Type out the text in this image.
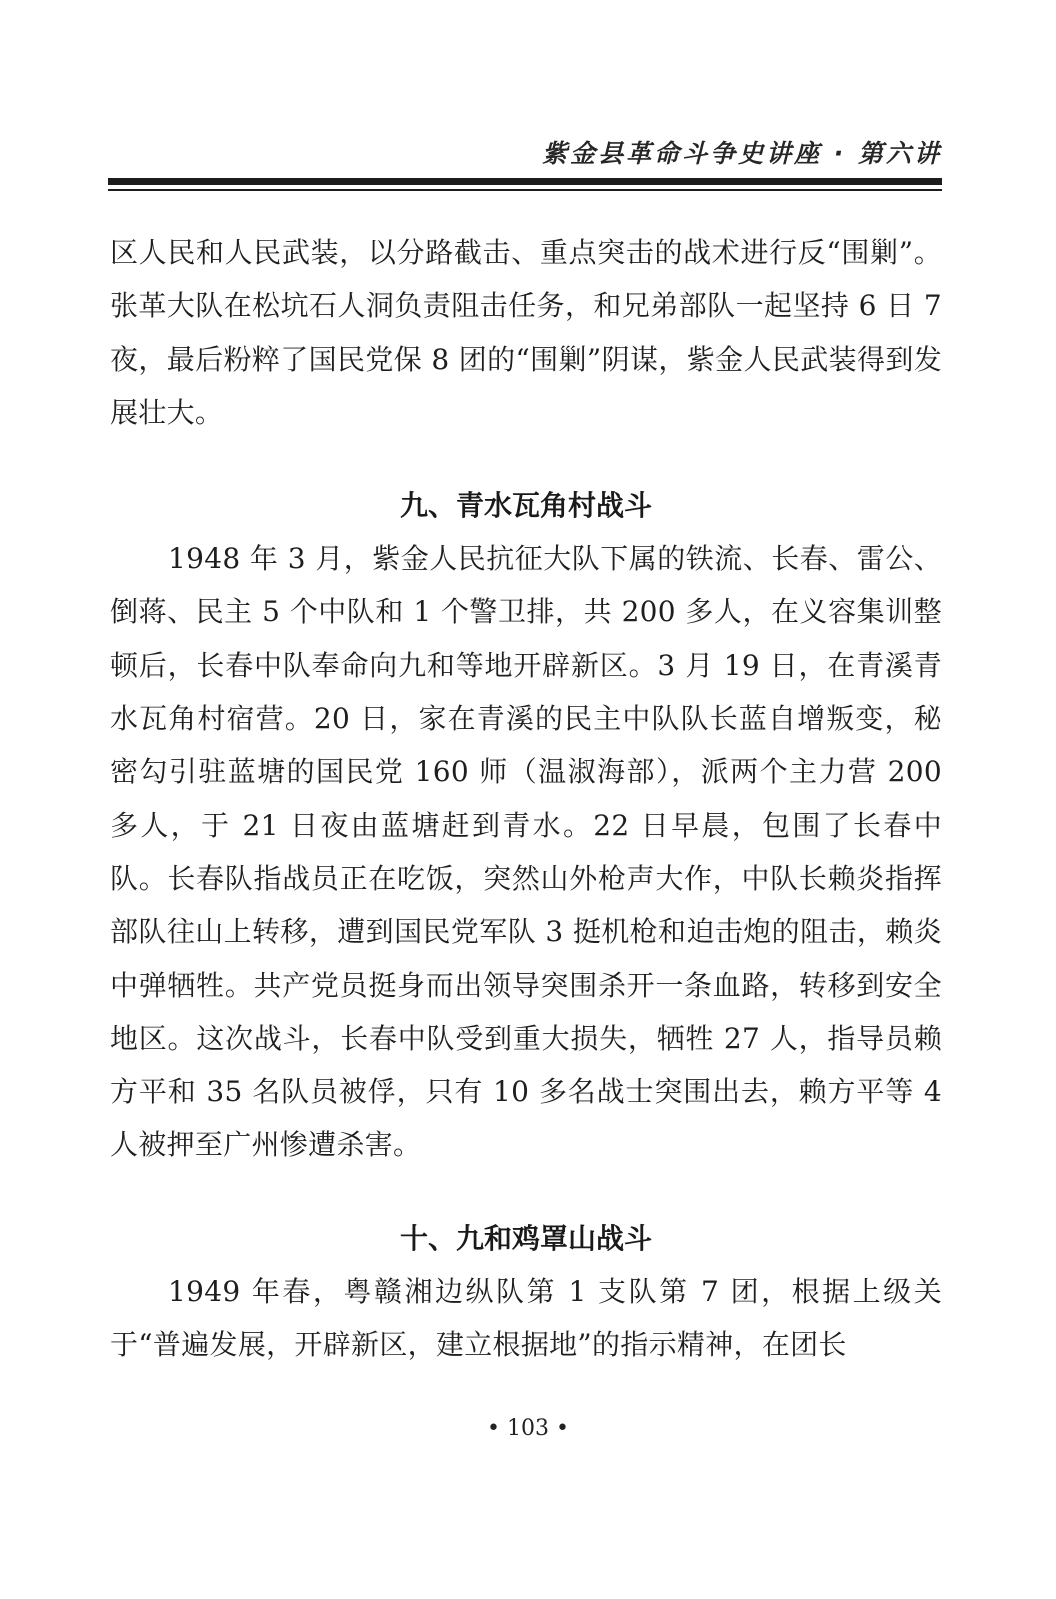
紫金县革命斗争史讲座 · 第六讲

区人民和人民武装，以分路截击、重点突击的战术进行反“围剿”。张革大队在松坑石人洞负责阻击任务，和兄弟部队一起坚持 6 日 7 夜，最后粉粹了国民党保 8 团的“围剿”阴谋，紫金人民武装得到发展壮大。

九、青水瓦角村战斗

1948 年 3 月，紫金人民抗征大队下属的铁流、长春、雷公、倒蒋、民主 5 个中队和 1 个警卫排，共 200 多人，在义容集训整顿后，长春中队奉命向九和等地开辟新区。3 月 19 日，在青溪青水瓦角村宿营。20 日，家在青溪的民主中队队长蓝自增叛变，秘密勾引驻蓝塘的国民党 160 师（温淑海部），派两个主力营 200 多人，于 21 日夜由蓝塘赶到青水。22 日早晨，包围了长春中队。长春队指战员正在吃饭，突然山外枪声大作，中队长赖炎指挥部队往山上转移，遭到国民党军队 3 挺机枪和迫击炮的阻击，赖炎中弹牺牲。共产党员挺身而出领导突围杀开一条血路，转移到安全地区。这次战斗，长春中队受到重大损失，牺牲 27 人，指导员赖方平和 35 名队员被俘，只有 10 多名战士突围出去，赖方平等 4 人被押至广州惨遭杀害。

十、九和鸡罩山战斗

1949 年春，粤赣湘边纵队第 1 支队第 7 团，根据上级关于“普遍发展，开辟新区，建立根据地”的指示精神，在团长

• 103 •
